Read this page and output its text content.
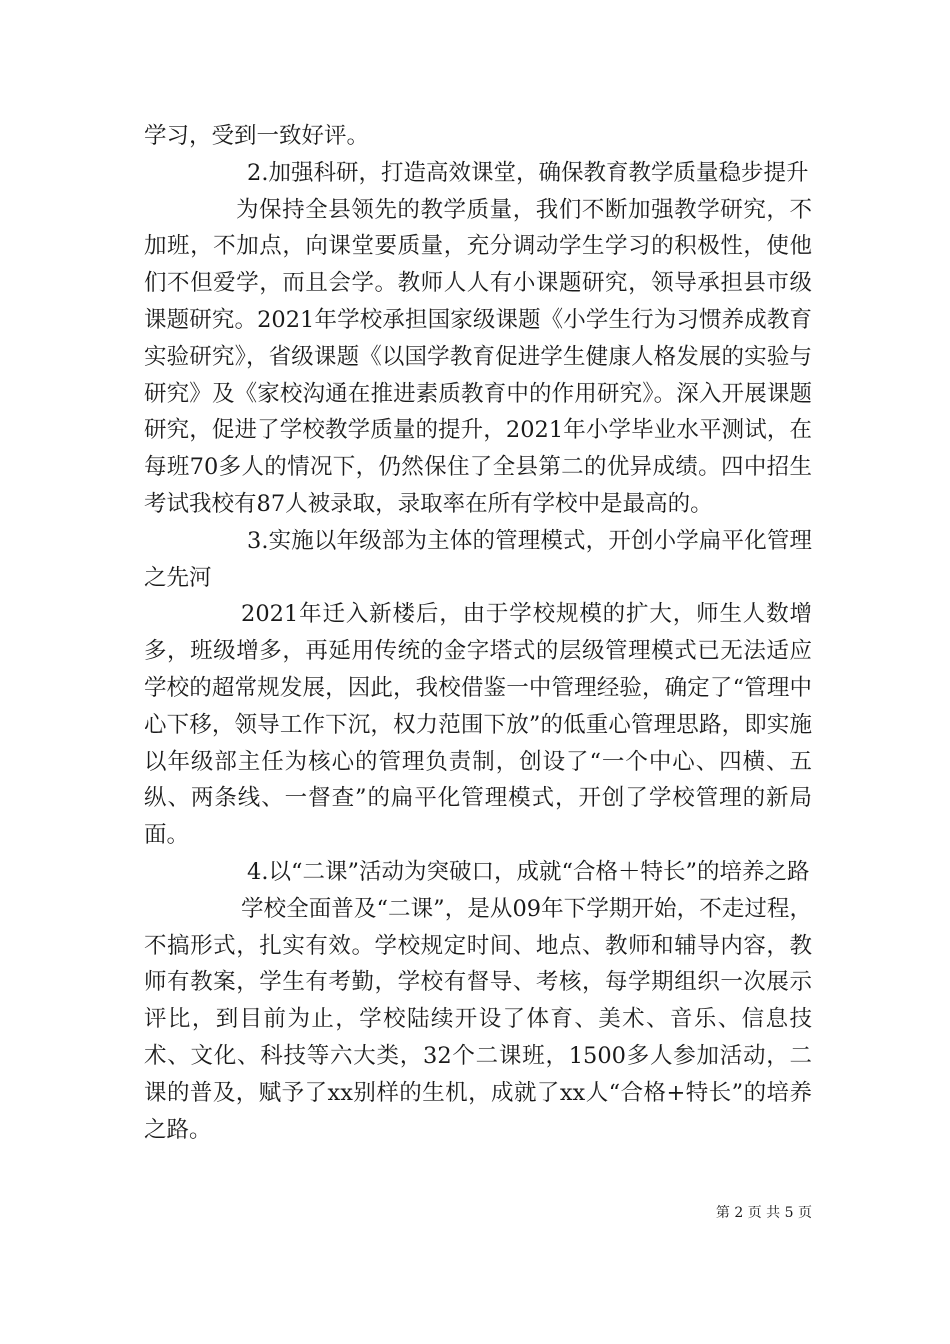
学习，受到一致好评。

2.加强科研，打造高效课堂，确保教育教学质量稳步提升

为保持全县领先的教学质量，我们不断加强教学研究，不加班，不加点，向课堂要质量，充分调动学生学习的积极性，使他们不但爱学，而且会学。教师人人有小课题研究，领导承担县市级课题研究。2021年学校承担国家级课题《小学生行为习惯养成教育实验研究》，省级课题《以国学教育促进学生健康人格发展的实验与研究》及《家校沟通在推进素质教育中的作用研究》。深入开展课题研究，促进了学校教学质量的提升，2021年小学毕业水平测试，在每班70多人的情况下，仍然保住了全县第二的优异成绩。四中招生考试我校有87人被录取，录取率在所有学校中是最高的。

3.实施以年级部为主体的管理模式，开创小学扁平化管理之先河

2021年迁入新楼后，由于学校规模的扩大，师生人数增多，班级增多，再延用传统的金字塔式的层级管理模式已无法适应学校的超常规发展，因此，我校借鉴一中管理经验，确定了“管理中心下移，领导工作下沉，权力范围下放”的低重心管理思路，即实施以年级部主任为核心的管理负责制，创设了“一个中心、四横、五纵、两条线、一督查”的扁平化管理模式，开创了学校管理的新局面。

4.以“二课”活动为突破口，成就“合格＋特长”的培养之路

学校全面普及“二课”，是从09年下学期开始，不走过程，不搞形式，扎实有效。学校规定时间、地点、教师和辅导内容，教师有教案，学生有考勤，学校有督导、考核，每学期组织一次展示评比，到目前为止，学校陆续开设了体育、美术、音乐、信息技术、文化、科技等六大类，32个二课班，1500多人参加活动，二课的普及，赋予了xx别样的生机，成就了xx人“合格+特长”的培养之路。

第 2 页 共 5 页
